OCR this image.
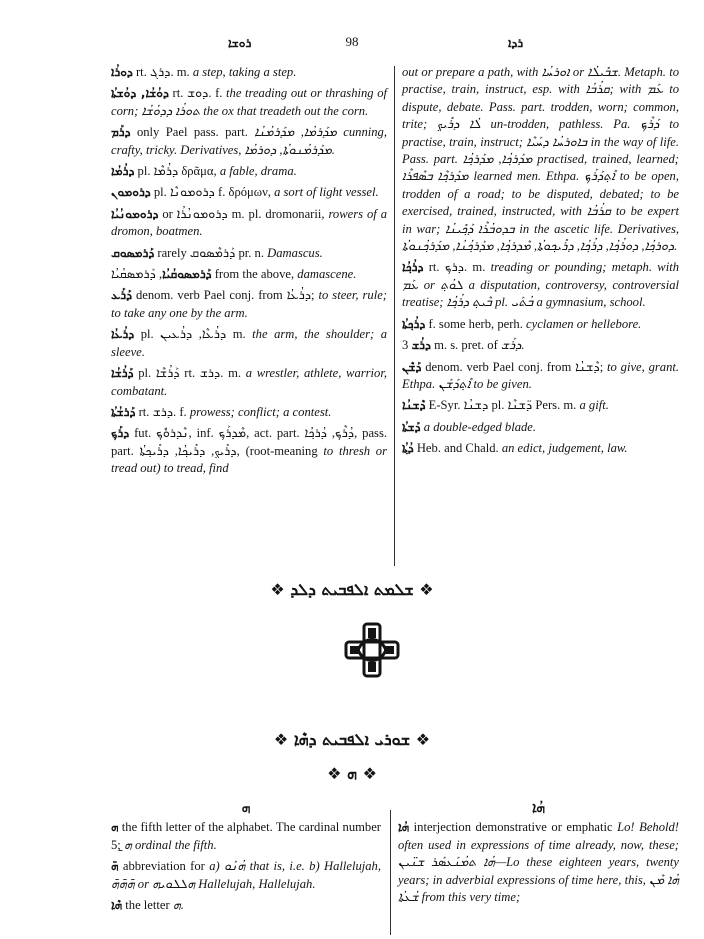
ܪܘܫܐ	98	ܪܕܐ

ܕܘܪܳܐ rt. ܕܪܓ. m. a step, taking a step.

ܕܘܳܫܳܐ, ܕܘܳܫܬܳܐ rt. ܕܘܫ. f. the treading out or thrashing of corn; ܬܘܪܳܐ ܕܕܘܳܫܳܐ the ox that treadeth out the corn.

ܕܪܰܡ only Pael pass. part. ܡܕܰܪܡܳܐ, ܡܕܰܪܡܳܢܳܐ cunning, crafty, tricky. Derivatives, ܡܕܰܪܡܳܢܘܬܳܐ, ܕܘܪܡܳܐ.

ܕܪܳܡܳܐ pl. ܕܪܳܡܶܐ δρᾶμα, a fable, drama.

ܕܪܘܡܘܢ pl. ܕܪܘܡܘܢܶܐ f. δρόμων, a sort of light vessel.

ܕܪܘܡܘܢܳܝܳܐ or ܕܪܘܡܘܢܳܪܳܐ m. pl. dromonarii, rowers of a dromon, boatmen.

ܕܰܪܡܣܘܩ rarely ܕܰܪܡܶܣܘܩ pr. n. Damascus.

ܕܰܪܡܣܘܩܳܝܳܐ, ܕܰܪܡܣܩܳܝܳܐ from the above, damascene.

ܕܰܪܰܥ denom. verb Pael conj. from ܕܪܳܥܳܐ; to steer, rule; to take any one by the arm.

ܕܪܳܥܳܐ pl. ܕܪܳܥܶܐ, ܕܪܳܥܝܢ m. the arm, the shoulder; a sleeve.

ܕܰܪܳܫܳܐ pl. ܕܰܪܳܫܶܐ rt. ܕܪܫ. m. a wrestler, athlete, warrior, combatant.

ܕܰܪܫܳܬܳܐ rt. ܕܪܫ. f. prowess; conflict; a contest.

ܕܪܰܟ݂ fut. ܢܶܕܪܘܽܟ݂, inf. ܡܶܕܪܰܟ݂, act. part. ܕܳܪܶܟ݂, ܕܳܪܟ݂ܳܐ, pass. part. ܕܪܺܝܟ݂, ܕܪܺܝܟ݂ܳܐ, ܕܪܺܝܟ݂ܬܳܐ, (root-meaning to thresh or tread out) to tread, find

out or prepare a path, with ܐܘܪܚܳܐ or ܫܒܺܝܠܳܐ. Metaph. to practise, train, instruct, esp. with ܩܪܳܒܳܐ; with ܥܰܡ to dispute, debate. Pass. part. trodden, worn; common, trite; ܠܳܐ ܕܪܺܝܟ݂ un-trodden, pathless. Pa. ܕܰܪܶܟ݂ to practise, train, instruct; ܒܐܘܪܚܳܐ ܕܚܰܝܶܐ in the way of life. Pass. part. ܡܕܰܪܟ݂ܳܐ, ܡܕܰܪܟ݂ܳܐ practised, trained, learned; ܡܕܰܪܟ݂ܶܐ ܒܣܶܦܪܶܐ learned men. Ethpa. ܐܶܬ݂ܕܰܪܰܟ݂ to be open, trodden of a road; to be disputed, debated; to be exercised, trained, instructed, with ܩܪܳܒܳܐ to be expert in war; ܒܕܘܒܳܪܶܐ ܕܰܟ݂ܺܝܢܳܐ in the ascetic life. Derivatives, ܕܘܪܟ݂ܳܐ, ܕܘܪܳܟ݂ܳܐ, ܕܪܳܟ݂ܳܐ, ܕܪܺܝܟ݂ܘܬܳܐ, ܡܶܕܪܟ݂ܳܐ, ܡܕܰܪܟ݂ܳܢܳܐ, ܡܕܰܪܟ݂ܳܢܘܬܳܐ.

ܕܪܳܟ݂ܳܐ rt. ܕܪܟ݂. m. treading or pounding; metaph. with ܥܰܡ or ܠܘܳܬ݂ a disputation, controversy, controversial treatise; ܒܶܝܬ݂ ܕܪܳܟ݂ܳܐ pl. ܒܳܬܰܝ a gymnasium, school.

ܕܪܳܟ݂ܬܳܐ f. some herb, perh. cyclamen or hellebore.

ܕܪܳܫ 3 m. s. pret. of ܕܪܰܫ.

ܕܰܫܶܢ denom. verb Pael conj. from ܕܶܫܢܳܐ; to give, grant. Ethpa. ܐܶܬ݂ܕܰܫܰܢ to be given.

ܕܶܫܢܳܐ E-Syr. ܕܫܢܳܐ pl. ܕ̈ܫܢܶܐ Pers. m. a gift.

ܕܰܫܬܳܐ a double-edged blade.

ܕܳܬ݂ܳܐ Heb. and Chald. an edict, judgement, law.

❖ ܫܠܡܬ ܐܠܦܒܝܬ ܕܠܕ ❖
❖ ܫܘܪܝ ܐܠܦܒܝܬ ܕܗܶܐ ❖
❖ ܗ ❖
ܗ

ܗ the fifth letter of the alphabet. The cardinal number 5; ܗ̱ ordinal the fifth.

ܗ̄ abbreviation for a) ܗܳܢܰܘ that is, i.e. b) Hallelujah, ܗ̄ܗ̄ܗ̄ or ܗܠܠܘܝܗ Hallelujah, Hallelujah.

ܗܶܐ the letter ܗ.

ܗܳܐ

ܗܳܐ interjection demonstrative or emphatic Lo! Behold! often used in expressions of time already, now, these; ܗܳܐ ܬܡܳܢܰܥܣܰܪ ܫܢ̈ܝܢ—Lo these eighteen years, twenty years; in adverbial expressions of time here, this, ܗܳܐ ܡܶܢ ܫܳܥܬܳܐ from this very time;
